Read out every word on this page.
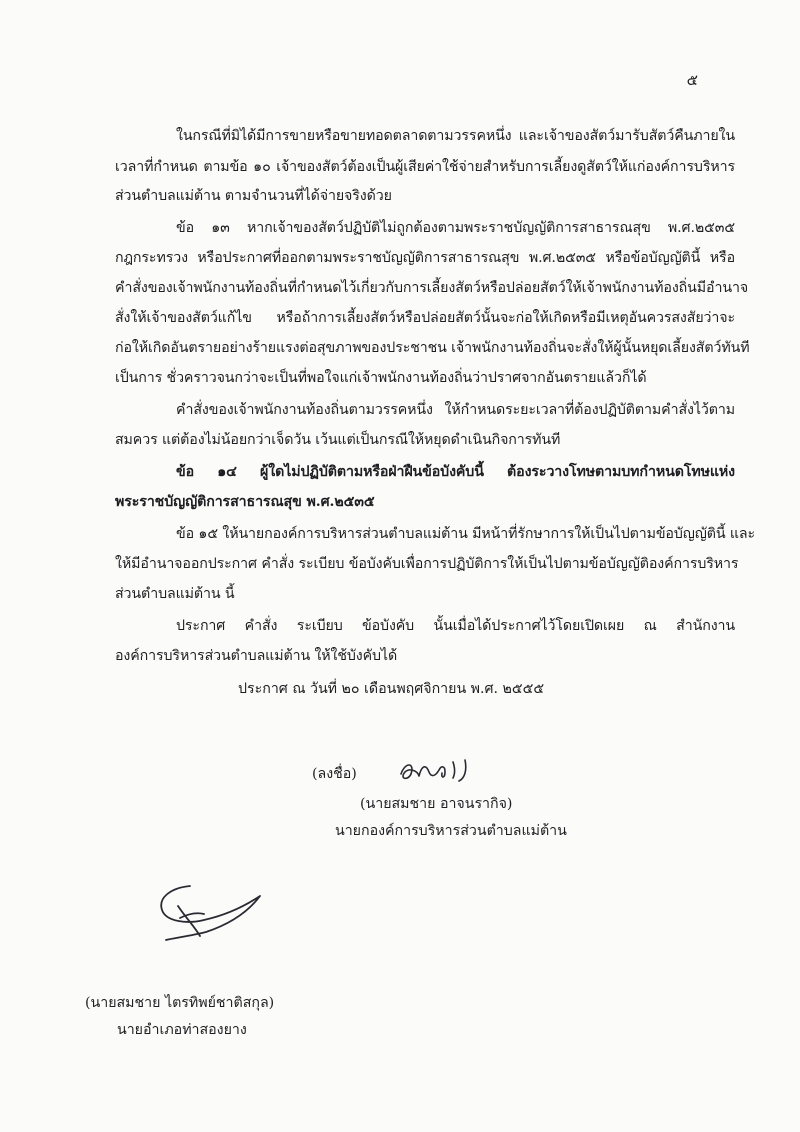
๕
ในกรณีที่มิได้มีการขายหรือขายทอดตลาดตามวรรคหนึ่ง และเจ้าของสัตว์มารับสัตว์คืนภายใน
เวลาที่กำหนด ตามข้อ ๑๐ เจ้าของสัตว์ต้องเป็นผู้เสียค่าใช้จ่ายสำหรับการเลี้ยงดูสัตว์ให้แก่องค์การบริหาร
ส่วนตำบลแม่ต้าน ตามจำนวนที่ได้จ่ายจริงด้วย
ข้อ ๑๓ หากเจ้าของสัตว์ปฏิบัติไม่ถูกต้องตามพระราชบัญญัติการสาธารณสุข พ.ศ.๒๕๓๕
กฎกระทรวง หรือประกาศที่ออกตามพระราชบัญญัติการสาธารณสุข พ.ศ.๒๕๓๕ หรือข้อบัญญัตินี้ หรือ
คำสั่งของเจ้าพนักงานท้องถิ่นที่กำหนดไว้เกี่ยวกับการเลี้ยงสัตว์หรือปล่อยสัตว์ให้เจ้าพนักงานท้องถิ่นมีอำนาจ
สั่งให้เจ้าของสัตว์แก้ไข หรือถ้าการเลี้ยงสัตว์หรือปล่อยสัตว์นั้นจะก่อให้เกิดหรือมีเหตุอันควรสงสัยว่าจะ
ก่อให้เกิดอันตรายอย่างร้ายแรงต่อสุขภาพของประชาชน เจ้าพนักงานท้องถิ่นจะสั่งให้ผู้นั้นหยุดเลี้ยงสัตว์ทันที
เป็นการ ชั่วคราวจนกว่าจะเป็นที่พอใจแก่เจ้าพนักงานท้องถิ่นว่าปราศจากอันตรายแล้วก็ได้
คำสั่งของเจ้าพนักงานท้องถิ่นตามวรรคหนึ่ง ให้กำหนดระยะเวลาที่ต้องปฏิบัติตามคำสั่งไว้ตาม
สมควร แต่ต้องไม่น้อยกว่าเจ็ดวัน เว้นแต่เป็นกรณีให้หยุดดำเนินกิจการทันที
ข้อ ๑๔ ผู้ใดไม่ปฏิบัติตามหรือฝ่าฝืนข้อบังคับนี้ ต้องระวางโทษตามบทกำหนดโทษแห่ง
พระราชบัญญัติการสาธารณสุข พ.ศ.๒๕๓๕
ข้อ ๑๕ ให้นายกองค์การบริหารส่วนตำบลแม่ต้าน มีหน้าที่รักษาการให้เป็นไปตามข้อบัญญัตินี้ และ
ให้มีอำนาจออกประกาศ คำสั่ง ระเบียบ ข้อบังคับเพื่อการปฏิบัติการให้เป็นไปตามข้อบัญญัติองค์การบริหาร
ส่วนตำบลแม่ต้าน นี้
ประกาศ คำสั่ง ระเบียบ ข้อบังคับ นั้นเมื่อได้ประกาศไว้โดยเปิดเผย ณ สำนักงาน
องค์การบริหารส่วนตำบลแม่ต้าน ให้ใช้บังคับได้
ประกาศ ณ วันที่ ๒๐ เดือนพฤศจิกายน พ.ศ. ๒๕๕๕
(ลงชื่อ)
(นายสมชาย อาจนรากิจ)
นายกองค์การบริหารส่วนตำบลแม่ต้าน
(นายสมชาย ไตรทิพย์ชาติสกุล)
นายอำเภอท่าสองยาง
